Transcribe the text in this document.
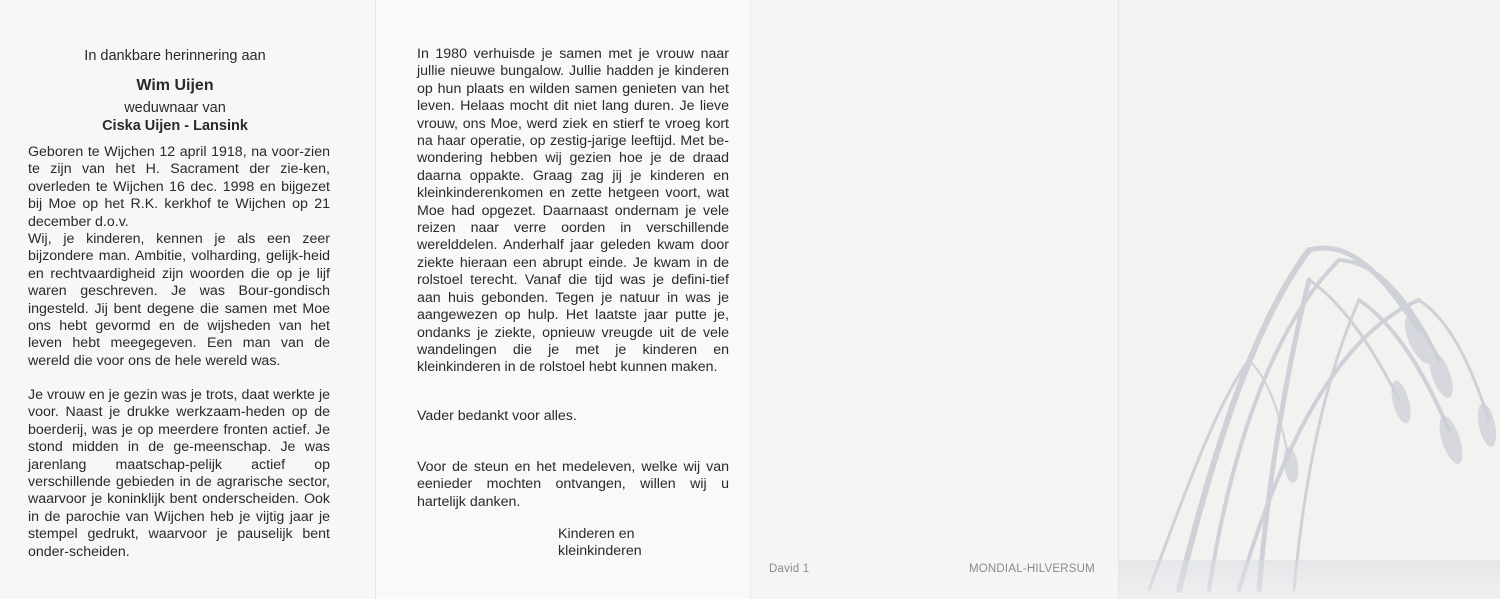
In dankbare herinnering aan
Wim Uijen
weduwnaar van
Ciska Uijen - Lansink

Geboren te Wijchen 12 april 1918, na voor-zien te zijn van het H. Sacrament der zie-ken, overleden te Wijchen 16 dec. 1998 en bijgezet bij Moe op het R.K. kerkhof te Wijchen op 21 december d.o.v.

Wij, je kinderen, kennen je als een zeer bijzondere man. Ambitie, volharding, gelijk-heid en rechtvaardigheid zijn woorden die op je lijf waren geschreven. Je was Bour-gondisch ingesteld. Jij bent degene die samen met Moe ons hebt gevormd en de wijsheden van het leven hebt meegegeven. Een man van de wereld die voor ons de hele wereld was.

Je vrouw en je gezin was je trots, daat werkte je voor. Naast je drukke werkzaam-heden op de boerderij, was je op meerdere fronten actief. Je stond midden in de ge-meenschap. Je was jarenlang maatschap-pelijk actief op verschillende gebieden in de agrarische sector, waarvoor je koninklijk bent onderscheiden. Ook in de parochie van Wijchen heb je vijtig jaar je stempel gedrukt, waarvoor je pauselijk bent onder-scheiden.

In 1980 verhuisde je samen met je vrouw naar jullie nieuwe bungalow. Jullie hadden je kinderen op hun plaats en wilden samen genieten van het leven. Helaas mocht dit niet lang duren. Je lieve vrouw, ons Moe, werd ziek en stierf te vroeg kort na haar operatie, op zestig-jarige leeftijd. Met be-wondering hebben wij gezien hoe je de draad daarna oppakte. Graag zag jij je kinderen en kleinkinderenkomen en zette hetgeen voort, wat Moe had opgezet. Daarnaast ondernam je vele reizen naar verre oorden in verschillende werelddelen. Anderhalf jaar geleden kwam door ziekte hieraan een abrupt einde. Je kwam in de rolstoel terecht. Vanaf die tijd was je defini-tief aan huis gebonden. Tegen je natuur in was je aangewezen op hulp. Het laatste jaar putte je, ondanks je ziekte, opnieuw vreugde uit de vele wandelingen die je met je kinderen en kleinkinderen in de rolstoel hebt kunnen maken.

Vader bedankt voor alles.

Voor de steun en het medeleven, welke wij van eenieder mochten ontvangen, willen wij u hartelijk danken.

Kinderen en
kleinkinderen
David 1	MONDIAL-HILVERSUM
